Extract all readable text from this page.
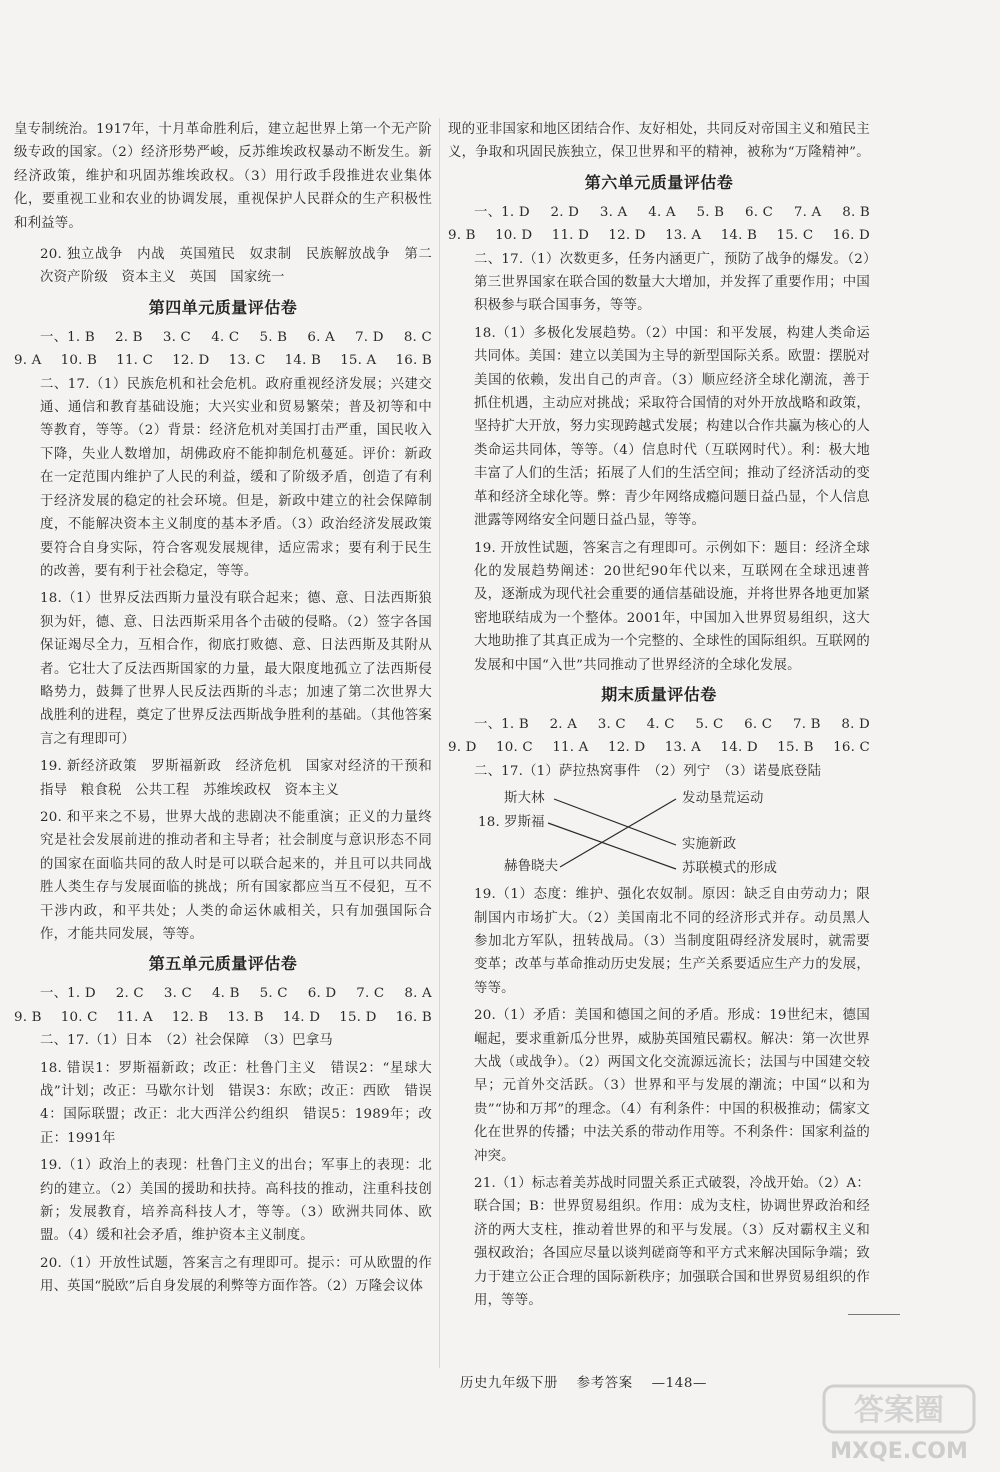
皇专制统治。1917年，十月革命胜利后，建立起世界上第一个无产阶级专政的国家。（2）经济形势严峻，反苏维埃政权暴动不断发生。新经济政策，维护和巩固苏维埃政权。（3）用行政手段推进农业集体化，要重视工业和农业的协调发展，重视保护人民群众的生产积极性和利益等。

20. 独立战争　内战　英国殖民　奴隶制　民族解放战争　第二次资产阶级　资本主义　英国　国家统一

第四单元质量评估卷
一、1. B 2. B 3. C 4. C 5. B 6. A 7. D 8. C
9. A 10. B 11. C 12. D 13. C 14. B 15. A 16. B

二、17.（1）民族危机和社会危机。政府重视经济发展；兴建交通、通信和教育基础设施；大兴实业和贸易繁荣；普及初等和中等教育，等等。（2）背景：经济危机对美国打击严重，国民收入下降，失业人数增加，胡佛政府不能抑制危机蔓延。评价：新政在一定范围内维护了人民的利益，缓和了阶级矛盾，创造了有利于经济发展的稳定的社会环境。但是，新政中建立的社会保障制度，不能解决资本主义制度的基本矛盾。（3）政治经济发展政策要符合自身实际，符合客观发展规律，适应需求；要有利于民生的改善，要有利于社会稳定，等等。

18.（1）世界反法西斯力量没有联合起来；德、意、日法西斯狼狈为奸，德、意、日法西斯采用各个击破的侵略。（2）签字各国保证竭尽全力，互相合作，彻底打败德、意、日法西斯及其附从者。它壮大了反法西斯国家的力量，最大限度地孤立了法西斯侵略势力，鼓舞了世界人民反法西斯的斗志；加速了第二次世界大战胜利的进程，奠定了世界反法西斯战争胜利的基础。（其他答案言之有理即可）

19. 新经济政策　罗斯福新政　经济危机　国家对经济的干预和指导　粮食税　公共工程　苏维埃政权　资本主义

20. 和平来之不易，世界大战的悲剧决不能重演；正义的力量终究是社会发展前进的推动者和主导者；社会制度与意识形态不同的国家在面临共同的敌人时是可以联合起来的，并且可以共同战胜人类生存与发展面临的挑战；所有国家都应当互不侵犯，互不干涉内政，和平共处；人类的命运休戚相关，只有加强国际合作，才能共同发展，等等。

第五单元质量评估卷
一、1. D 2. C 3. C 4. B 5. C 6. D 7. C 8. A
9. B 10. C 11. A 12. B 13. B 14. D 15. D 16. B

二、17.（1）日本　（2）社会保障　（3）巴拿马

18. 错误1：罗斯福新政；改正：杜鲁门主义　错误2：“星球大战”计划；改正：马歇尔计划　错误3：东欧；改正：西欧　错误4：国际联盟；改正：北大西洋公约组织　错误5：1989年；改正：1991年

19.（1）政治上的表现：杜鲁门主义的出台；军事上的表现：北约的建立。（2）美国的援助和扶持。高科技的推动，注重科技创新；发展教育，培养高科技人才，等等。（3）欧洲共同体、欧盟。（4）缓和社会矛盾，维护资本主义制度。

20.（1）开放性试题，答案言之有理即可。提示：可从欧盟的作用、英国“脱欧”后自身发展的利弊等方面作答。（2）万隆会议体

现的亚非国家和地区团结合作、友好相处，共同反对帝国主义和殖民主义，争取和巩固民族独立，保卫世界和平的精神，被称为“万隆精神”。

第六单元质量评估卷
一、1. D 2. D 3. A 4. A 5. B 6. C 7. A 8. B
9. B 10. D 11. D 12. D 13. A 14. B 15. C 16. D

二、17.（1）次数更多，任务内涵更广，预防了战争的爆发。（2）第三世界国家在联合国的数量大大增加，并发挥了重要作用；中国积极参与联合国事务，等等。

18.（1）多极化发展趋势。（2）中国：和平发展，构建人类命运共同体。美国：建立以美国为主导的新型国际关系。欧盟：摆脱对美国的依赖，发出自己的声音。（3）顺应经济全球化潮流，善于抓住机遇，主动应对挑战；采取符合国情的对外开放战略和政策，坚持扩大开放，努力实现跨越式发展；构建以合作共赢为核心的人类命运共同体，等等。（4）信息时代（互联网时代）。利：极大地丰富了人们的生活；拓展了人们的生活空间；推动了经济活动的变革和经济全球化等。弊：青少年网络成瘾问题日益凸显，个人信息泄露等网络安全问题日益凸显，等等。

19. 开放性试题，答案言之有理即可。示例如下：题目：经济全球化的发展趋势阐述：20世纪90年代以来，互联网在全球迅速普及，逐渐成为现代社会重要的通信基础设施，并将世界各地更加紧密地联结成为一个整体。2001年，中国加入世界贸易组织，这大大地助推了其真正成为一个完整的、全球性的国际组织。互联网的发展和中国“入世”共同推动了世界经济的全球化发展。

期末质量评估卷
一、1. B 2. A 3. C 4. C 5. C 6. C 7. B 8. D
9. D 10. C 11. A 12. D 13. A 14. D 15. B 16. C

二、17.（1）萨拉热窝事件　（2）列宁　（3）诺曼底登陆

18.
斯大林
罗斯福
赫鲁晓夫
发动垦荒运动
实施新政
苏联模式的形成

19.（1）态度：维护、强化农奴制。原因：缺乏自由劳动力；限制国内市场扩大。（2）美国南北不同的经济形式并存。动员黑人参加北方军队，扭转战局。（3）当制度阻碍经济发展时，就需要变革；改革与革命推动历史发展；生产关系要适应生产力的发展，等等。

20.（1）矛盾：美国和德国之间的矛盾。形成：19世纪末，德国崛起，要求重新瓜分世界，威胁英国殖民霸权。解决：第一次世界大战（或战争）。（2）两国文化交流源远流长；法国与中国建交较早；元首外交活跃。（3）世界和平与发展的潮流；中国“以和为贵”“协和万邦”的理念。（4）有利条件：中国的积极推动；儒家文化在世界的传播；中法关系的带动作用等。不利条件：国家利益的冲突。

21.（1）标志着美苏战时同盟关系正式破裂，冷战开始。（2）A：联合国；B：世界贸易组织。作用：成为支柱，协调世界政治和经济的两大支柱，推动着世界的和平与发展。（3）反对霸权主义和强权政治；各国应尽量以谈判磋商等和平方式来解决国际争端；致力于建立公正合理的国际新秩序；加强联合国和世界贸易组织的作用，等等。

历史九年级下册 参考答案 —148—
答案圈
MXQE.COM
